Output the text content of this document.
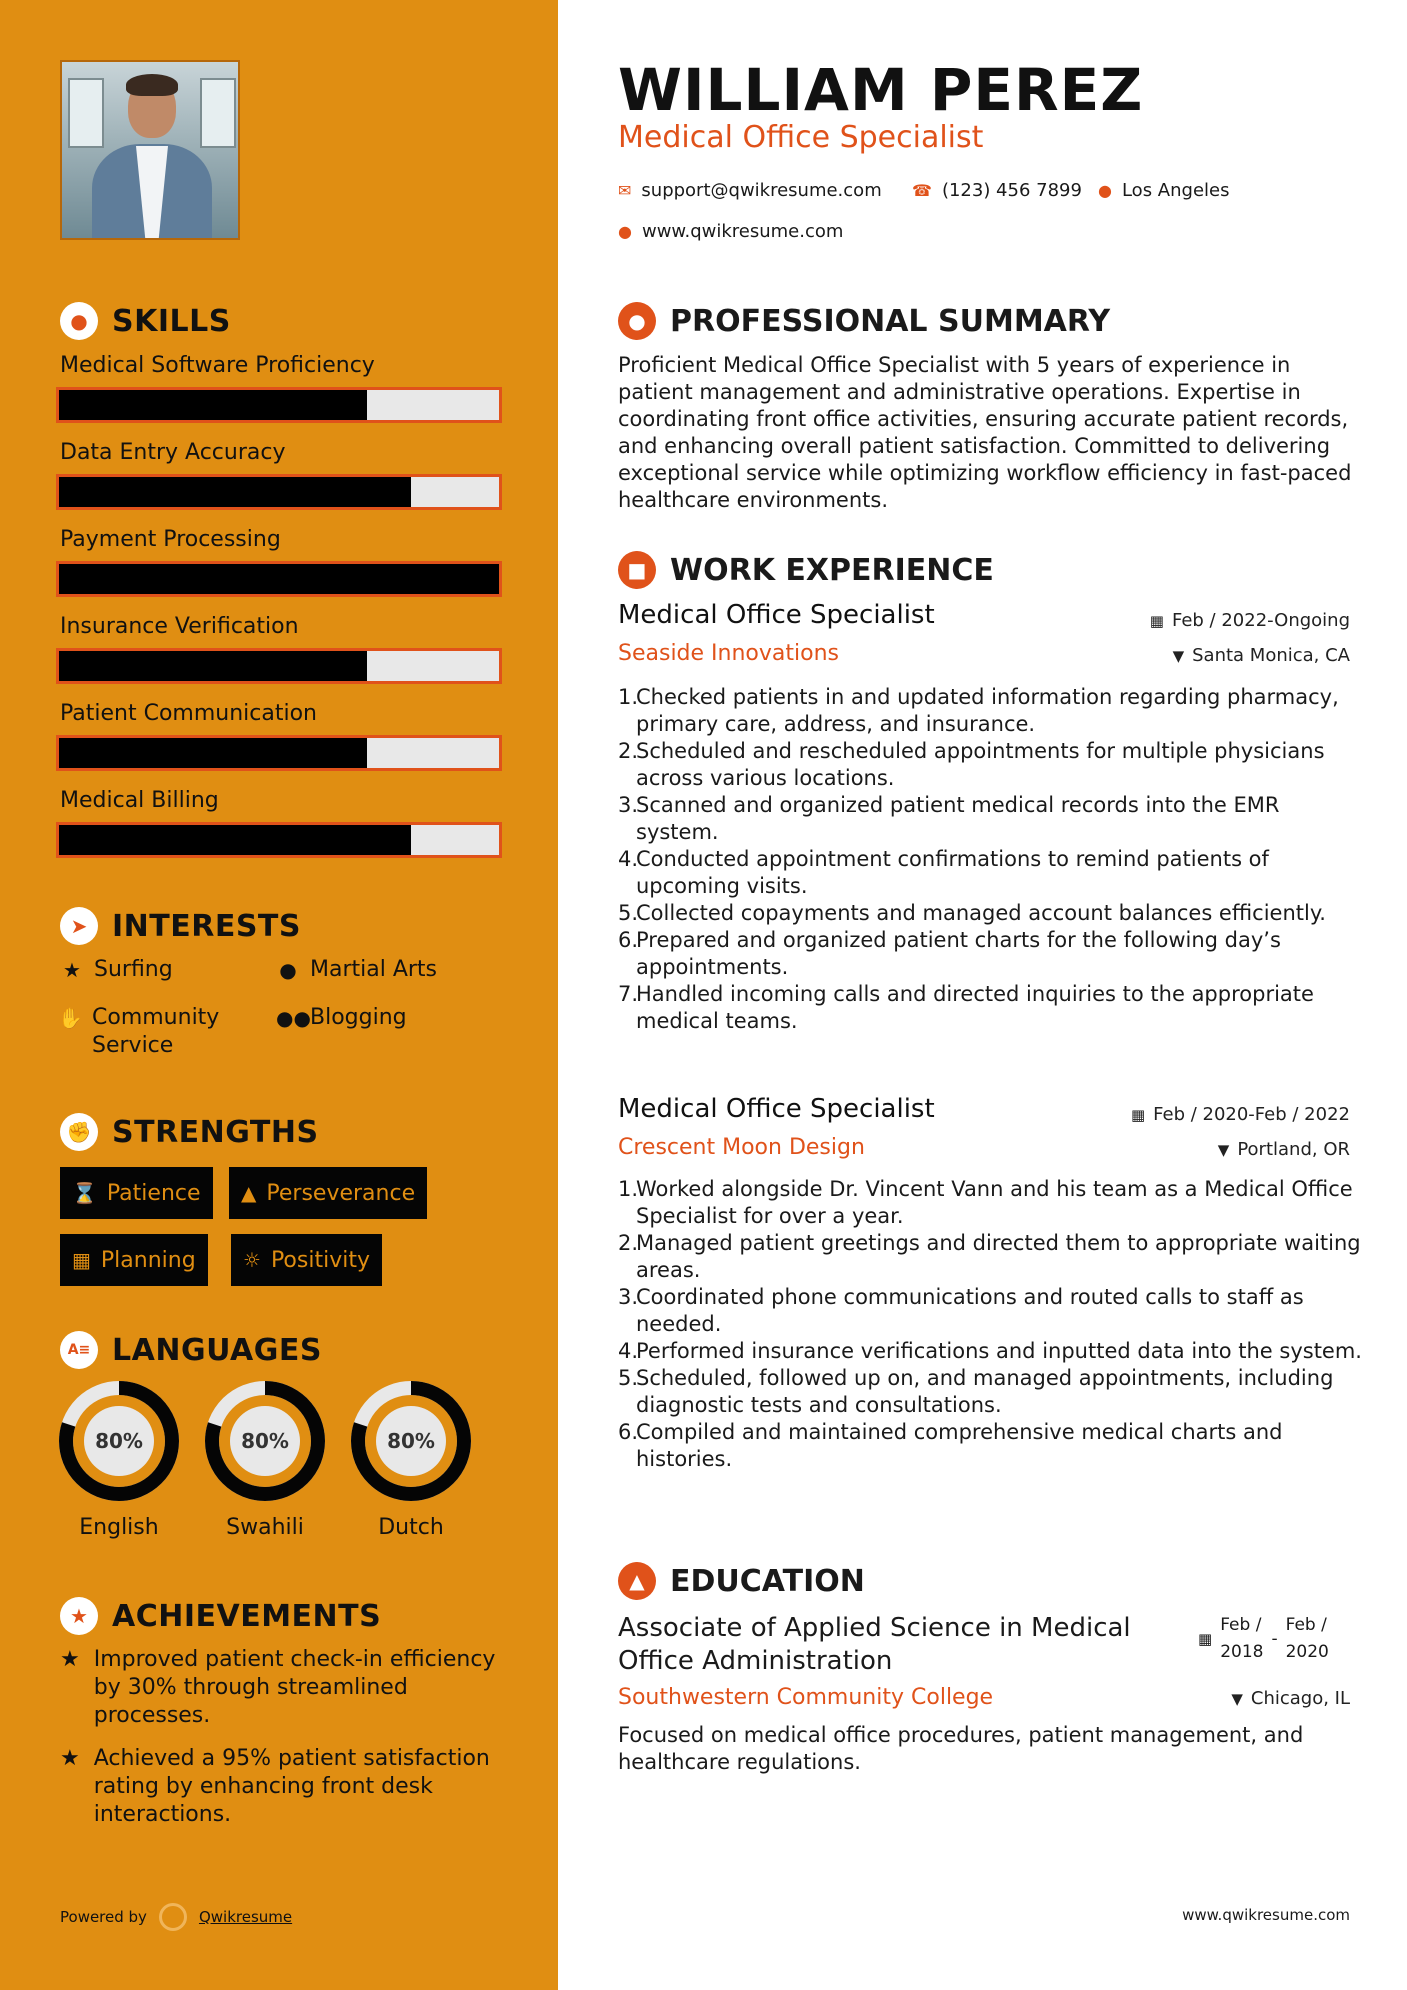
● SKILLS
Medical Software Proficiency
Data Entry Accuracy
Payment Processing
Insurance Verification
Patient Communication
Medical Billing
➤ INTERESTS
★ Surfing	● Martial Arts
✋ Community Service
●● Blogging
✊ STRENGTHS
⌛ Patience ▲ Perseverance
▦ Planning ☼ Positivity
A≡ LANGUAGES
80%	80%	80%
English	Swahili	Dutch
★ ACHIEVEMENTS
★ Improved patient check-in efficiency by 30% through streamlined processes.
★ Achieved a 95% patient satisfaction rating by enhancing front desk interactions.
Powered by	Qwikresume
WILLIAM PEREZ
Medical Office Specialist
✉ support@qwikresume.com ☎ (123) 456 7899 ● Los Angeles
● www.qwikresume.com
● PROFESSIONAL SUMMARY
Proficient Medical Office Specialist with 5 years of experience in patient management and administrative operations. Expertise in coordinating front office activities, ensuring accurate patient records, and enhancing overall patient satisfaction. Committed to delivering exceptional service while optimizing workflow efficiency in fast-paced healthcare environments.
■ WORK EXPERIENCE
Medical Office Specialist	▦ Feb / 2022-Ongoing
Seaside Innovations	▼ Santa Monica, CA
1.
Checked patients in and updated information regarding pharmacy, primary care, address, and insurance.
2.
Scheduled and rescheduled appointments for multiple physicians across various locations.
3.
Scanned and organized patient medical records into the EMR system.
4.
Conducted appointment confirmations to remind patients of upcoming visits.
5.
Collected copayments and managed account balances efficiently.
6.
Prepared and organized patient charts for the following day’s appointments.
7.
Handled incoming calls and directed inquiries to the appropriate medical teams.
Medical Office Specialist	▦ Feb / 2020-Feb / 2022
Crescent Moon Design	▼ Portland, OR
1.
Worked alongside Dr. Vincent Vann and his team as a Medical Office Specialist for over a year.
2.
Managed patient greetings and directed them to appropriate waiting areas.
3.
Coordinated phone communications and routed calls to staff as needed.
4.
Performed insurance verifications and inputted data into the system.
5.
Scheduled, followed up on, and managed appointments, including diagnostic tests and consultations.
6.
Compiled and maintained comprehensive medical charts and histories.
▲ EDUCATION
Associate of Applied Science in Medical Office Administration
▦
Feb /
2018
-
Feb /
2020
Southwestern Community College	▼ Chicago, IL
Focused on medical office procedures, patient management, and healthcare regulations.
www.qwikresume.com
